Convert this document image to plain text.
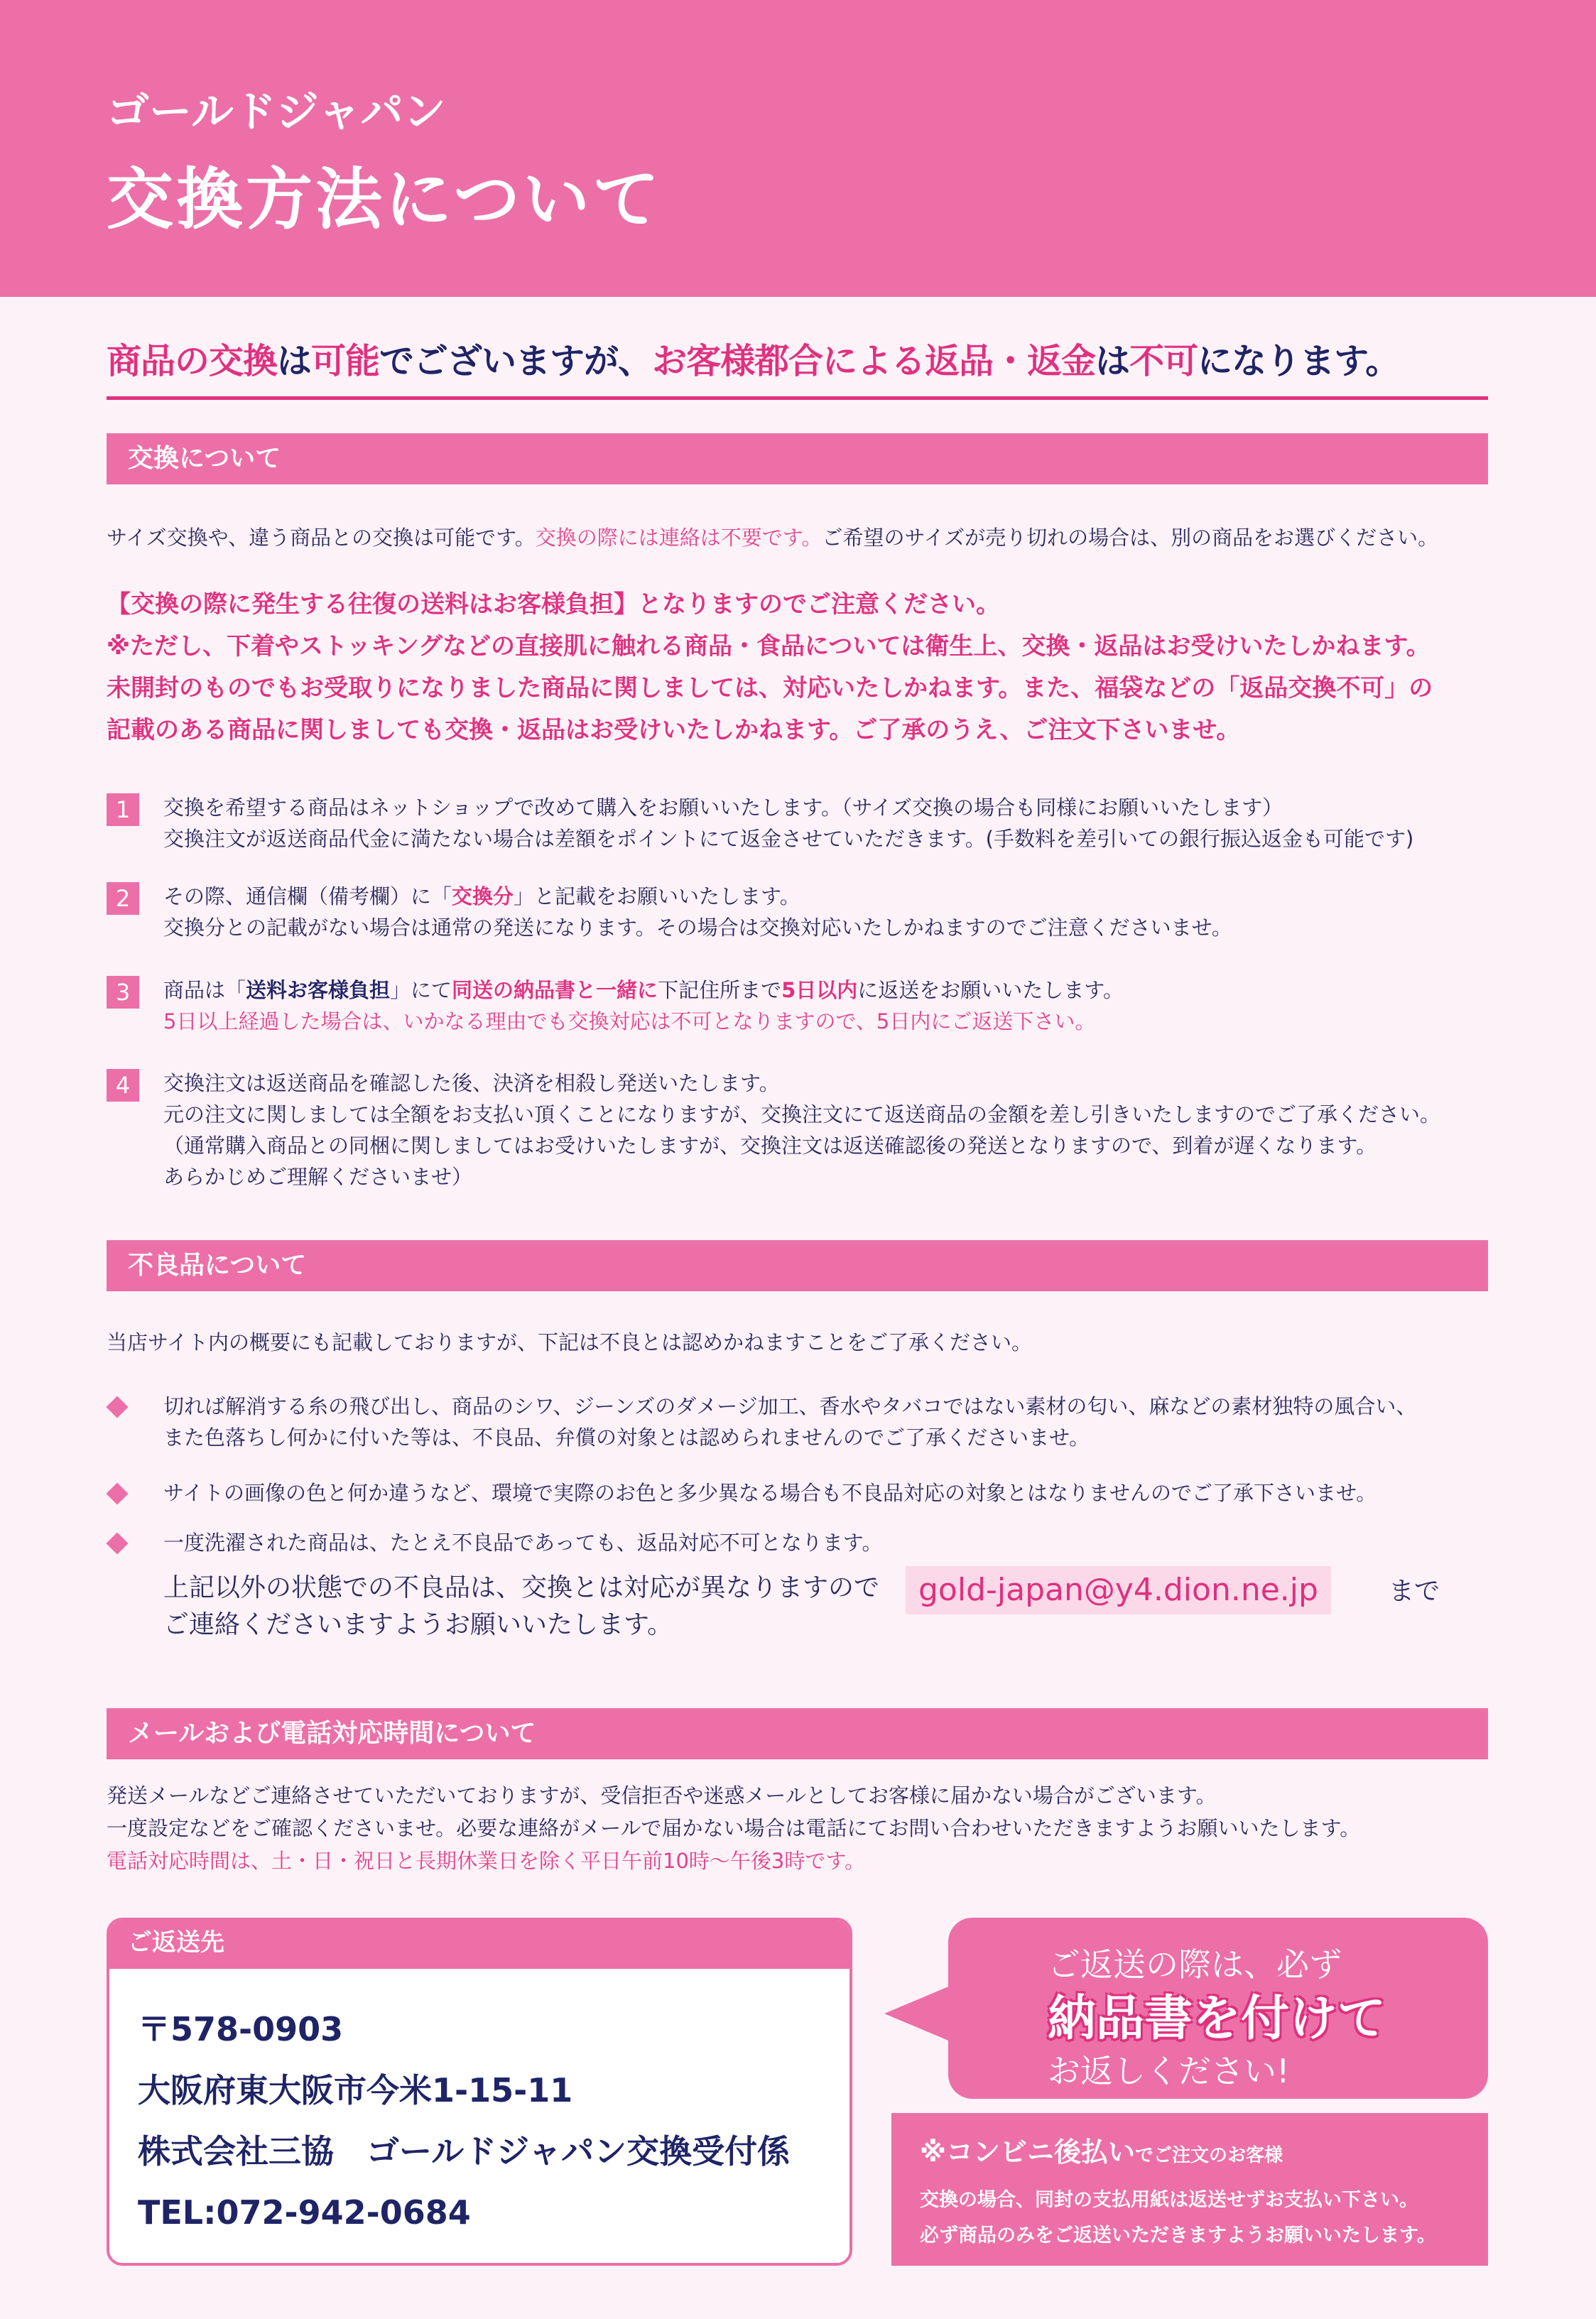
ゴールドジャパン
交換方法について
商品の交換は可能でございますが、お客様都合による返品・返金は不可になります。
交換について
サイズ交換や、違う商品との交換は可能です。交換の際には連絡は不要です。ご希望のサイズが売り切れの場合は、別の商品をお選びください。
【交換の際に発生する往復の送料はお客様負担】となりますのでご注意ください。
※ただし、下着やストッキングなどの直接肌に触れる商品・食品については衛生上、交換・返品はお受けいたしかねます。
未開封のものでもお受取りになりました商品に関しましては、対応いたしかねます。また、福袋などの「返品交換不可」の
記載のある商品に関しましても交換・返品はお受けいたしかねます。ご了承のうえ、ご注文下さいませ。
1	交換を希望する商品はネットショップで改めて購入をお願いいたします。（サイズ交換の場合も同様にお願いいたします）
交換注文が返送商品代金に満たない場合は差額をポイントにて返金させていただきます。(手数料を差引いての銀行振込返金も可能です)
2	その際、通信欄（備考欄）に「交換分」と記載をお願いいたします。
交換分との記載がない場合は通常の発送になります。その場合は交換対応いたしかねますのでご注意くださいませ。
3	商品は「送料お客様負担」にて同送の納品書と一緒に下記住所まで5日以内に返送をお願いいたします。
5日以上経過した場合は、いかなる理由でも交換対応は不可となりますので、5日内にご返送下さい。
4	交換注文は返送商品を確認した後、決済を相殺し発送いたします。
元の注文に関しましては全額をお支払い頂くことになりますが、交換注文にて返送商品の金額を差し引きいたしますのでご了承ください。
（通常購入商品との同梱に関しましてはお受けいたしますが、交換注文は返送確認後の発送となりますので、到着が遅くなります。
あらかじめご理解くださいませ）
不良品について
当店サイト内の概要にも記載しておりますが、下記は不良とは認めかねますことをご了承ください。
切れば解消する糸の飛び出し、商品のシワ、ジーンズのダメージ加工、香水やタバコではない素材の匂い、麻などの素材独特の風合い、
また色落ちし何かに付いた等は、不良品、弁償の対象とは認められませんのでご了承くださいませ。
サイトの画像の色と何か違うなど、環境で実際のお色と多少異なる場合も不良品対応の対象とはなりませんのでご了承下さいませ。
一度洗濯された商品は、たとえ不良品であっても、返品対応不可となります。
上記以外の状態での不良品は、交換とは対応が異なりますので
ご連絡くださいますようお願いいたします。
gold-japan@y4.dion.ne.jp	まで
メールおよび電話対応時間について
発送メールなどご連絡させていただいておりますが、受信拒否や迷惑メールとしてお客様に届かない場合がございます。
一度設定などをご確認くださいませ。必要な連絡がメールで届かない場合は電話にてお問い合わせいただきますようお願いいたします。
電話対応時間は、土・日・祝日と長期休業日を除く平日午前10時〜午後3時です。
ご返送先
〒578-0903
大阪府東大阪市今米1-15-11
株式会社三協　ゴールドジャパン交換受付係
TEL:072-942-0684
ご返送の際は、必ず
納品書を付けて
お返しください!
※コンビニ後払いでご注文のお客様
交換の場合、同封の支払用紙は返送せずお支払い下さい。
必ず商品のみをご返送いただきますようお願いいたします。
